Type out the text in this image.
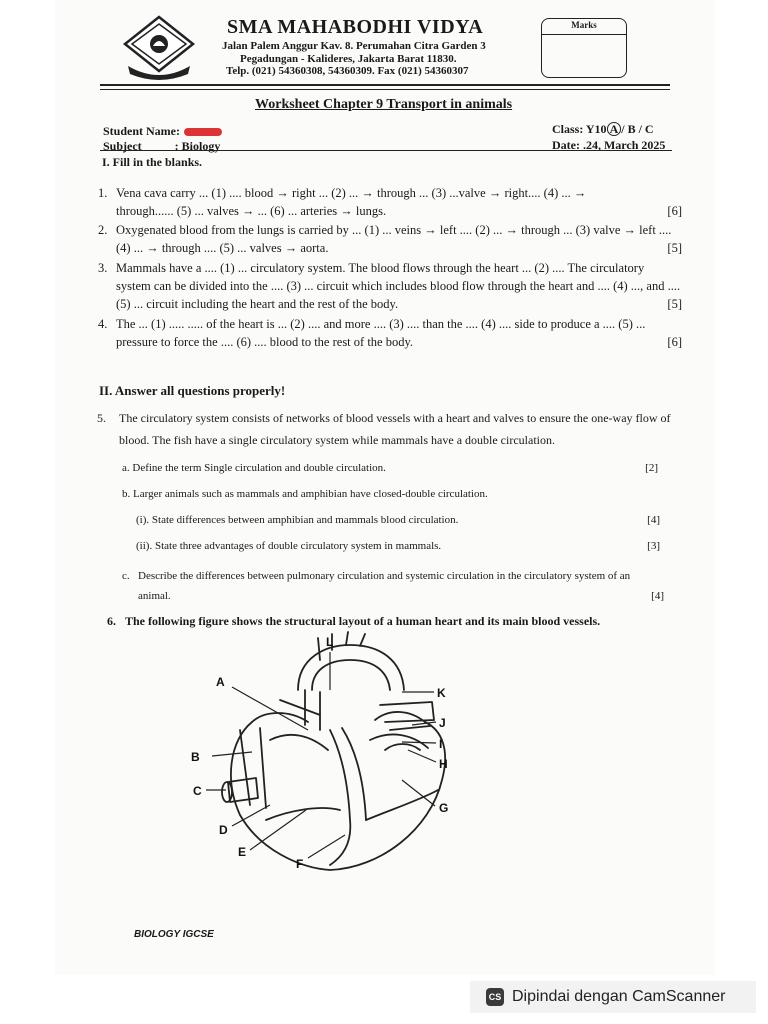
SMA MAHABODHI VIDYA
Jalan Palem Anggur Kav. 8. Perumahan Citra Garden 3
Pegadungan - Kalideres, Jakarta Barat 11830.
Telp. (021) 54360308, 54360309. Fax (021) 54360307
Marks
Worksheet Chapter 9 Transport in animals
Student Name:
Subject	: Biology
Class: Y10 A / B / C
Date: .24, March 2025
I. Fill in the blanks.
1. Vena cava carry ... (1) .... blood → right ... (2) ... → through ... (3) ...valve → right.... (4) ... → through...... (5) ... valves → ... (6) ... arteries → lungs.	[6]
2. Oxygenated blood from the lungs is carried by ... (1) ... veins → left .... (2) ... → through ... (3) valve → left .... (4) ... → through .... (5) ... valves → aorta.	[5]
3. Mammals have a .... (1) ... circulatory system. The blood flows through the heart ... (2) .... The circulatory system can be divided into the .... (3) ... circuit which includes blood flow through the heart and .... (4) ..., and .... (5) ... circuit including the heart and the rest of the body.	[5]
4. The ... (1) ..... ..... of the heart is ... (2) .... and more .... (3) .... than the .... (4) .... side to produce a .... (5) ... pressure to force the .... (6) .... blood to the rest of the body.	[6]
II. Answer all questions properly!
5. The circulatory system consists of networks of blood vessels with a heart and valves to ensure the one-way flow of blood. The fish have a single circulatory system while mammals have a double circulation.
a. Define the term Single circulation and double circulation.	[2]
b. Larger animals such as mammals and amphibian have closed-double circulation.
(i). State differences between amphibian and mammals blood circulation.	[4]
(ii). State three advantages of double circulatory system in mammals.	[3]
c. Describe the differences between pulmonary circulation and systemic circulation in the circulatory system of an animal.	[4]
6. The following figure shows the structural layout of a human heart and its main blood vessels.
L
A
B
C
D
E
F
G
H
I
J
K
BIOLOGY IGCSE
CS Dipindai dengan CamScanner
